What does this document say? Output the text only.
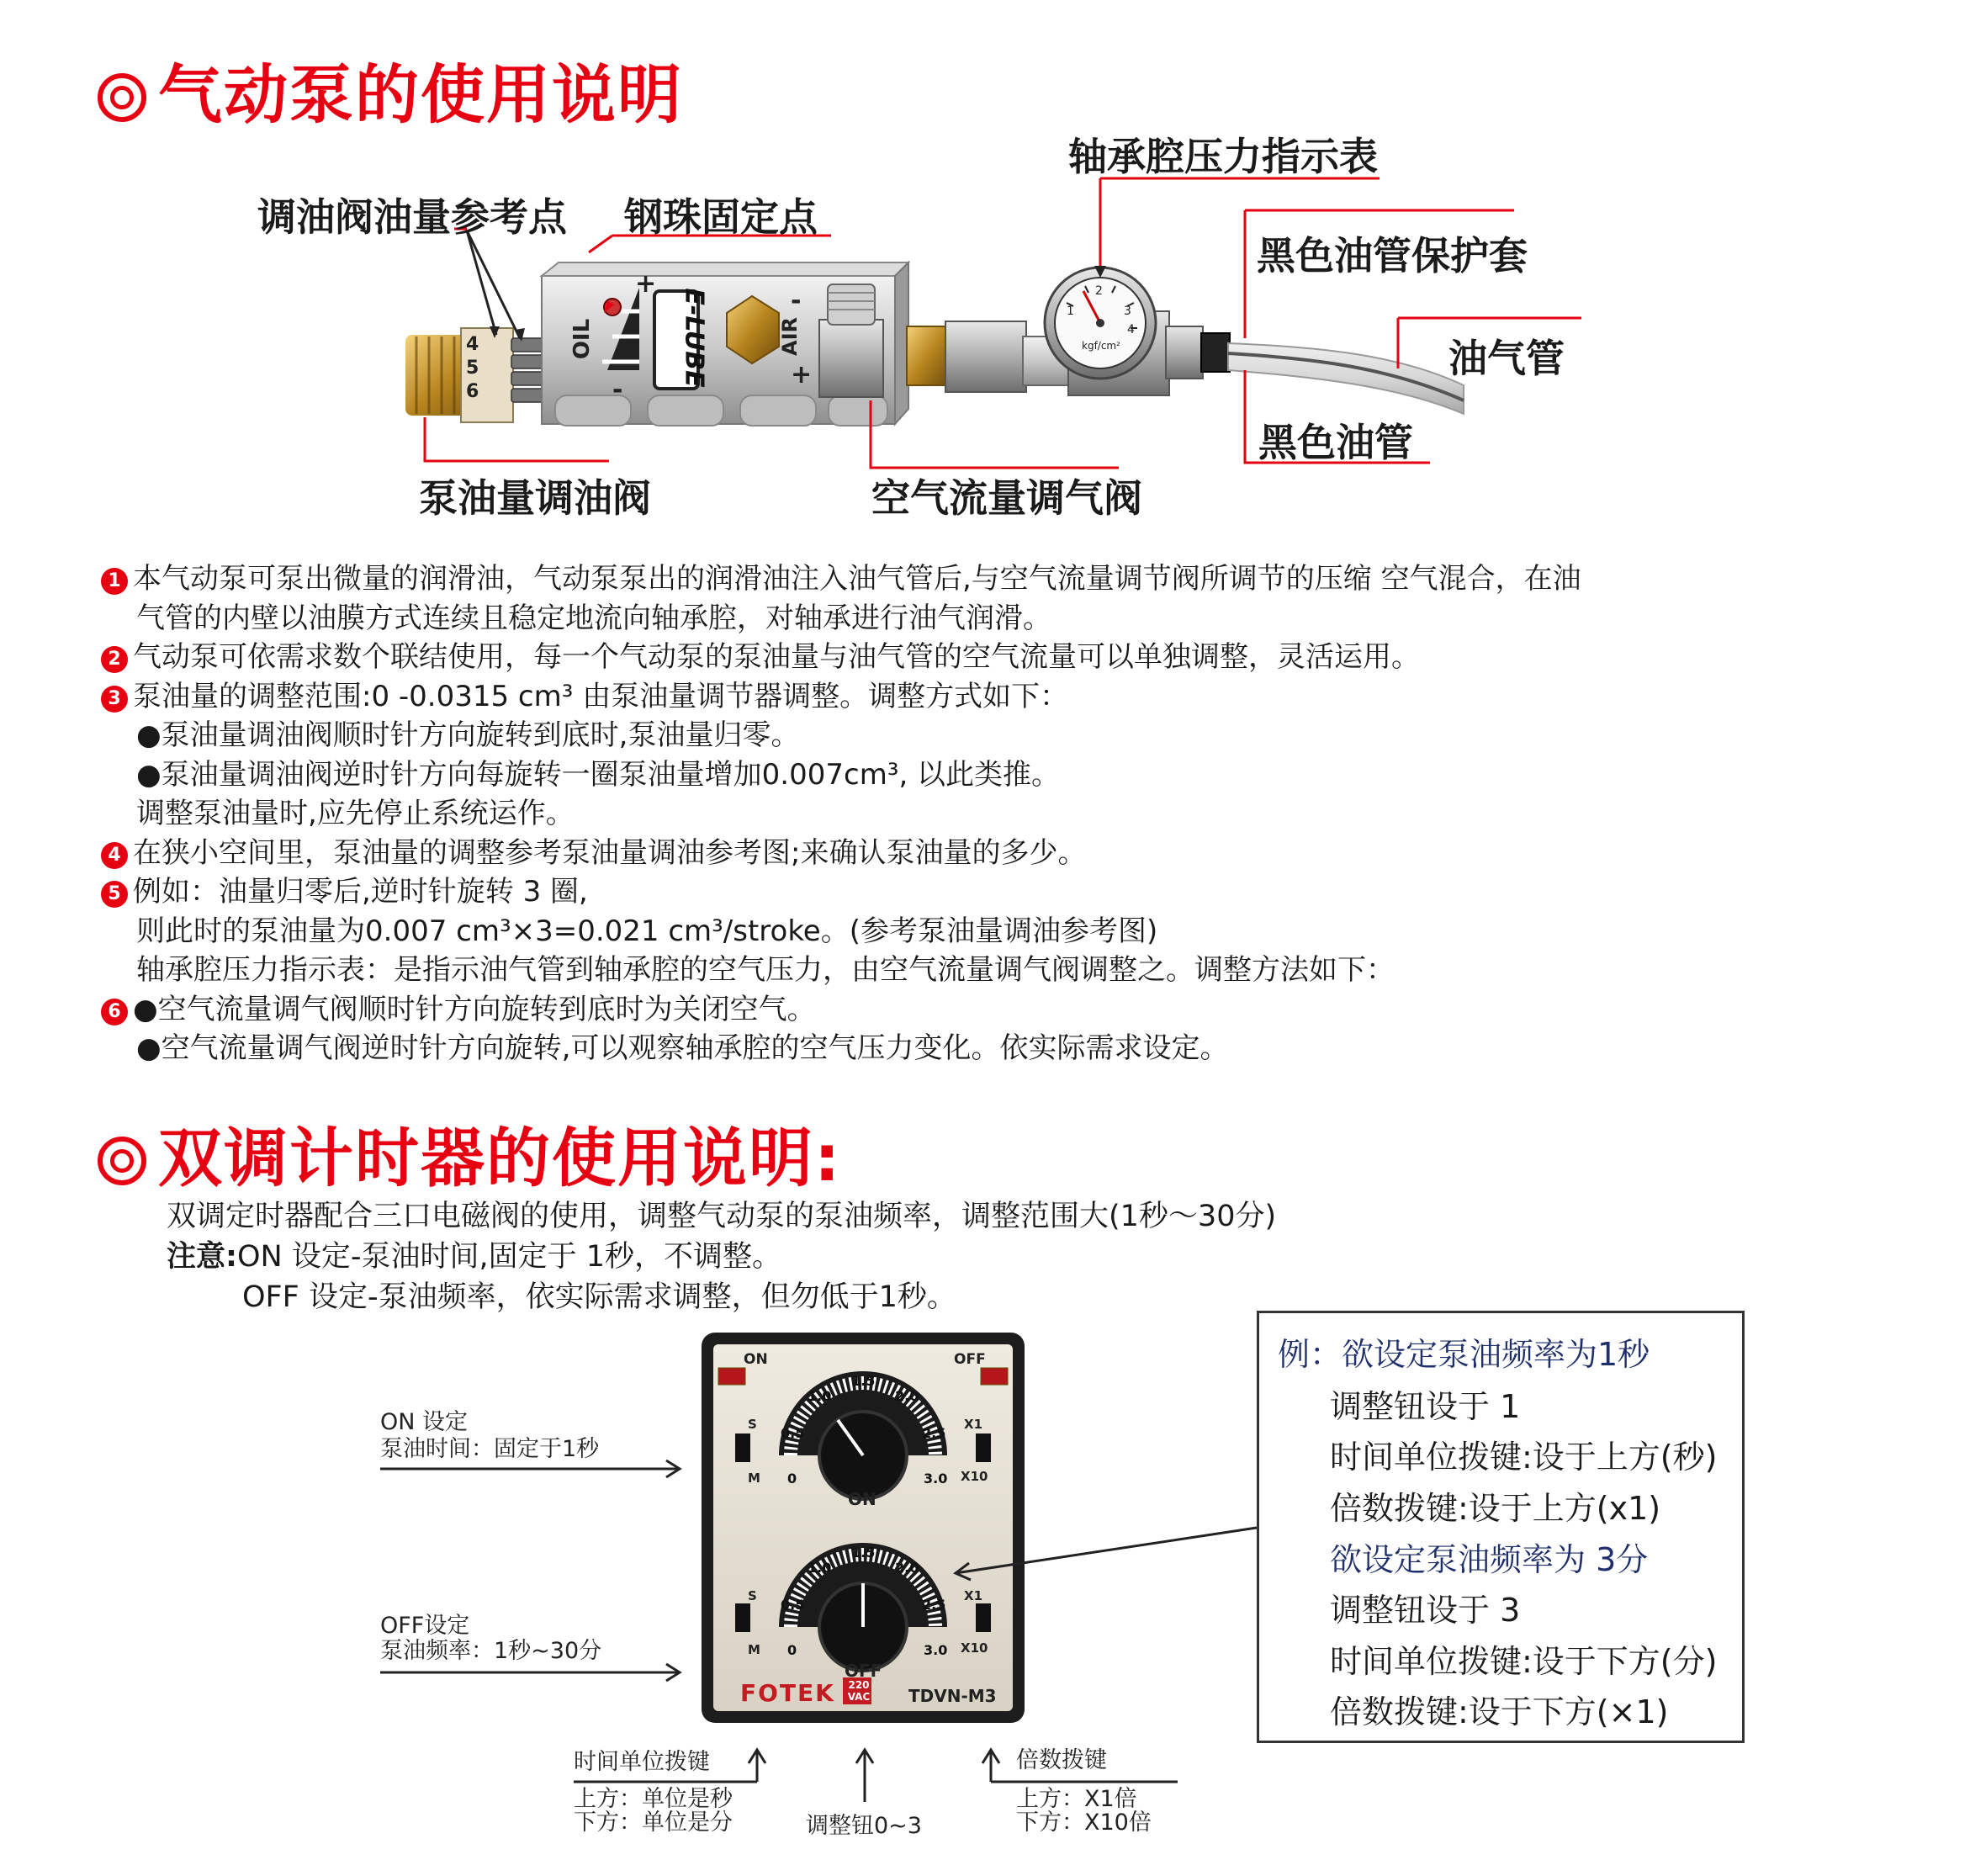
气动泵的使用说明
4
5
6
OIL
+
-
E-LUBE	AIR
-
+
kgf/cm²
1
2
3
4
调油阀油量参考点 钢珠固定点
轴承腔压力指示表
黑色油管保护套
油气管
黑色油管
泵油量调油阀	空气流量调气阀

1 本气动泵可泵出微量的润滑油，气动泵泵出的润滑油注入油气管后,与空气流量调节阀所调节的压缩 空气混合，在油

气管的内壁以油膜方式连续且稳定地流向轴承腔，对轴承进行油气润滑。

2 气动泵可依需求数个联结使用，每一个气动泵的泵油量与油气管的空气流量可以单独调整，灵活运用。

3 泵油量的调整范围:0 -0.0315 cm³ 由泵油量调节器调整。调整方式如下：

●泵油量调油阀顺时针方向旋转到底时,泵油量归零。

●泵油量调油阀逆时针方向每旋转一圈泵油量增加0.007cm³, 以此类推。

调整泵油量时,应先停止系统运作。

4 在狭小空间里，泵油量的调整参考泵油量调油参考图;来确认泵油量的多少。

5 例如：油量归零后,逆时针旋转 3 圈,

则此时的泵油量为0.007 cm³×3=0.021 cm³/stroke。(参考泵油量调油参考图)

轴承腔压力指示表：是指示油气管到轴承腔的空气压力，由空气流量调气阀调整之。调整方法如下：

6 ●空气流量调气阀顺时针方向旋转到底时为关闭空气。

●空气流量调气阀逆时针方向旋转,可以观察轴承腔的空气压力变化。依实际需求设定。

双调计时器的使用说明:

双调定时器配合三口电磁阀的使用，调整气动泵的泵油频率，调整范围大(1秒～30分)

注意:ON 设定-泵油时间,固定于 1秒，不调整。

OFF 设定-泵油频率，依实际需求调整，但勿低于1秒。

ON	OFF
ON
OFF
S
M
S
M
X1
X10
X1
X10
0
0.5
1.0
1.5
2.0
2.5
3.0
0
0.5
1.0
1.5
2.0
2.5
3.0
FOTEK 220
VAC TDVN-M3
ON 设定
泵油时间：固定于1秒
OFF设定
泵油频率：1秒~30分
时间单位拨键
上方：单位是秒
下方：单位是分	调整钮0~3
倍数拨键
上方：X1倍
下方：X10倍

例：欲设定泵油频率为1秒

调整钮设于 1

时间单位拨键:设于上方(秒)

倍数拨键:设于上方(x1)

欲设定泵油频率为 3分

调整钮设于 3

时间单位拨键:设于下方(分)

倍数拨键:设于下方(×1)
